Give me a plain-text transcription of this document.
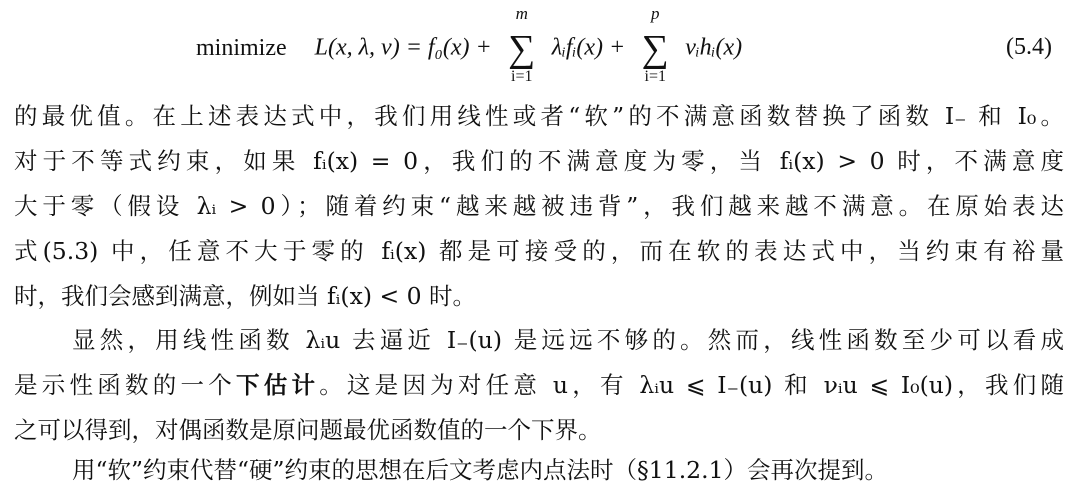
minimize L(x, λ, ν) = f₀(x) +
m
∑
i=1
λᵢfᵢ(x) +
p
∑
i=1
νᵢhᵢ(x)	(5.4)
的最优值。在上述表达式中，我们用线性或者“软”的不满意函数替换了函数 I₋ 和 I₀。
对于不等式约束，如果 fᵢ(x) = 0，我们的不满意度为零，当 fᵢ(x) > 0 时，不满意度
大于零（假设 λᵢ > 0）；随着约束“越来越被违背”，我们越来越不满意。在原始表达
式(5.3) 中，任意不大于零的 fᵢ(x) 都是可接受的，而在软的表达式中，当约束有裕量
时，我们会感到满意，例如当 fᵢ(x) < 0 时。
显然，用线性函数 λᵢu 去逼近 I₋(u) 是远远不够的。然而，线性函数至少可以看成
是示性函数的一个下估计。这是因为对任意 u，有 λᵢu ⩽ I₋(u) 和 νᵢu ⩽ I₀(u)，我们随
之可以得到，对偶函数是原问题最优函数值的一个下界。
用“软”约束代替“硬”约束的思想在后文考虑内点法时（§11.2.1）会再次提到。
